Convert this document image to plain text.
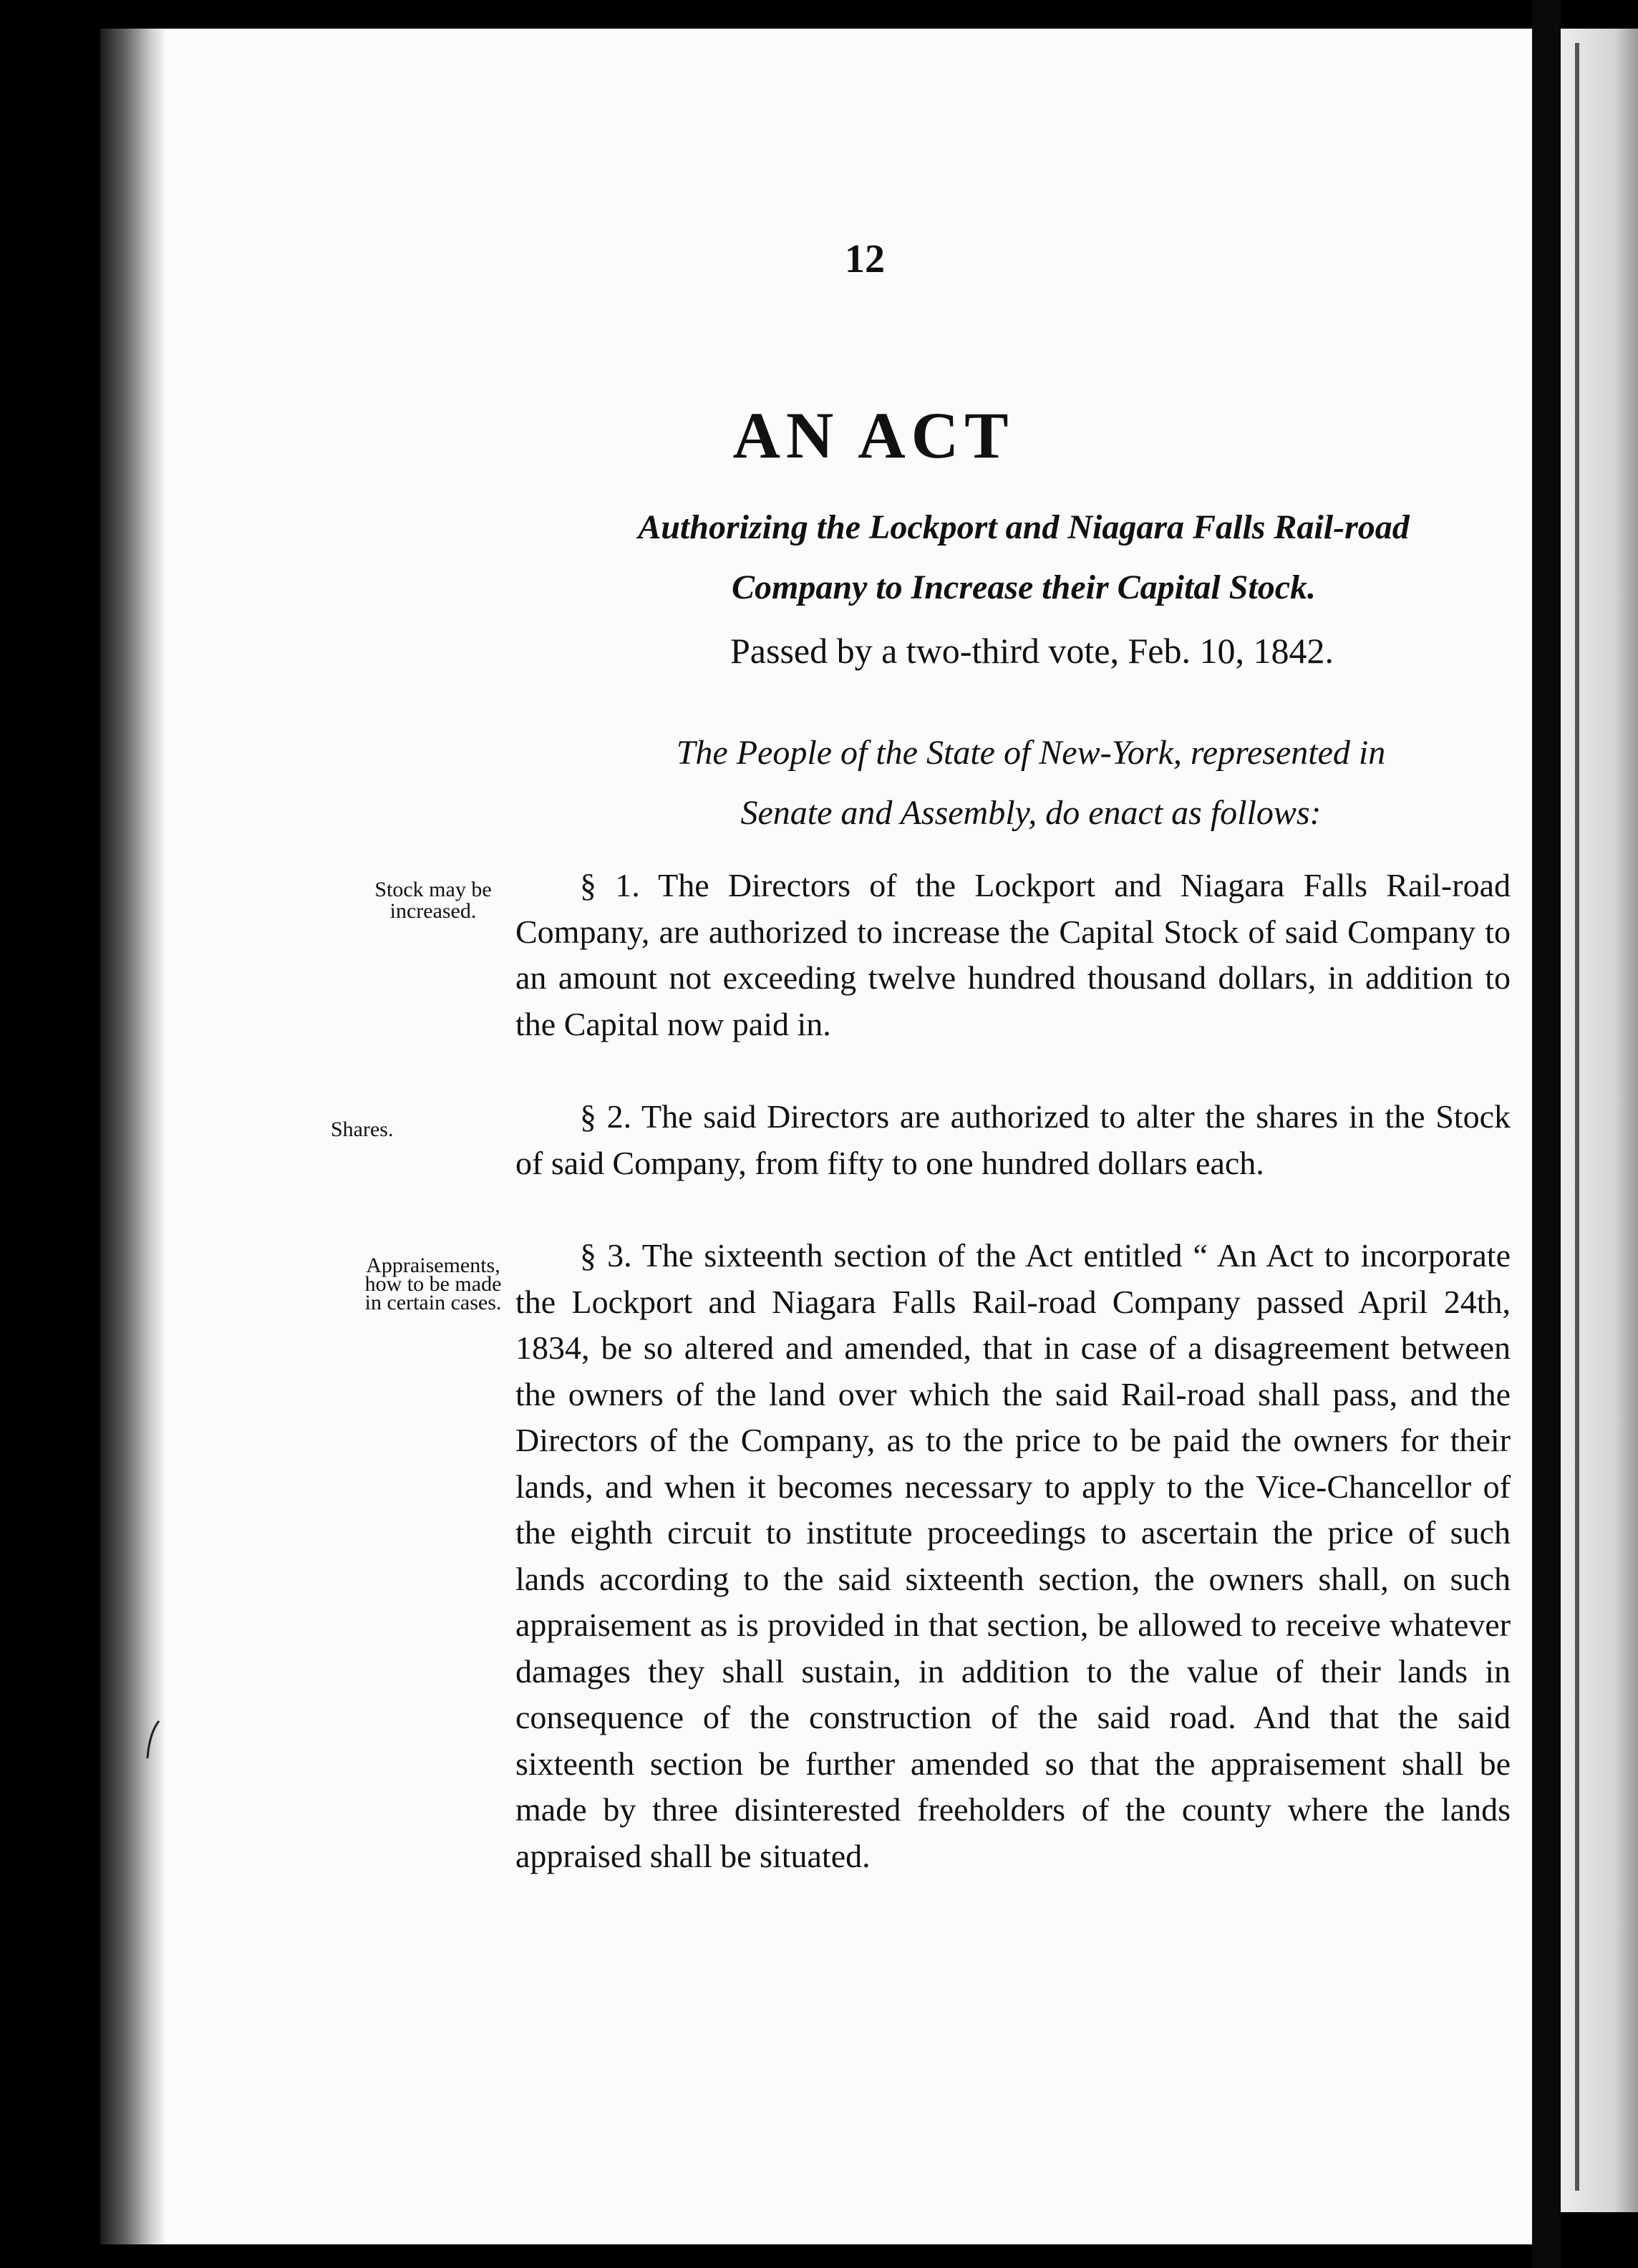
12
AN ACT
Authorizing the Lockport and Niagara Falls Rail-road
Company to Increase their Capital Stock.
Passed by a two-third vote, Feb. 10, 1842.
The People of the State of New-York, represented in
Senate and Assembly, do enact as follows:
Stock may be
increased.
Shares.
Appraisements,
how to be made
in certain cases.

§ 1. The Directors of the Lockport and Niagara Falls Rail-road Company, are authorized to increase the Capital Stock of said Company to an amount not exceeding twelve hundred thousand dollars, in addition to the Capital now paid in.

§ 2. The said Directors are authorized to alter the shares in the Stock of said Company, from fifty to one hundred dollars each.

§ 3. The sixteenth section of the Act entitled “ An Act to incorporate the Lockport and Niagara Falls Rail-road Company passed April 24th, 1834, be so altered and amended, that in case of a disagreement between the owners of the land over which the said Rail-road shall pass, and the Directors of the Company, as to the price to be paid the owners for their lands, and when it becomes necessary to apply to the Vice-Chancellor of the eighth circuit to institute proceedings to ascertain the price of such lands according to the said sixteenth section, the owners shall, on such appraisement as is provided in that section, be allowed to receive whatever damages they shall sustain, in addition to the value of their lands in consequence of the construction of the said road. And that the said sixteenth section be further amended so that the appraisement shall be made by three disinterested freeholders of the county where the lands appraised shall be situated.
